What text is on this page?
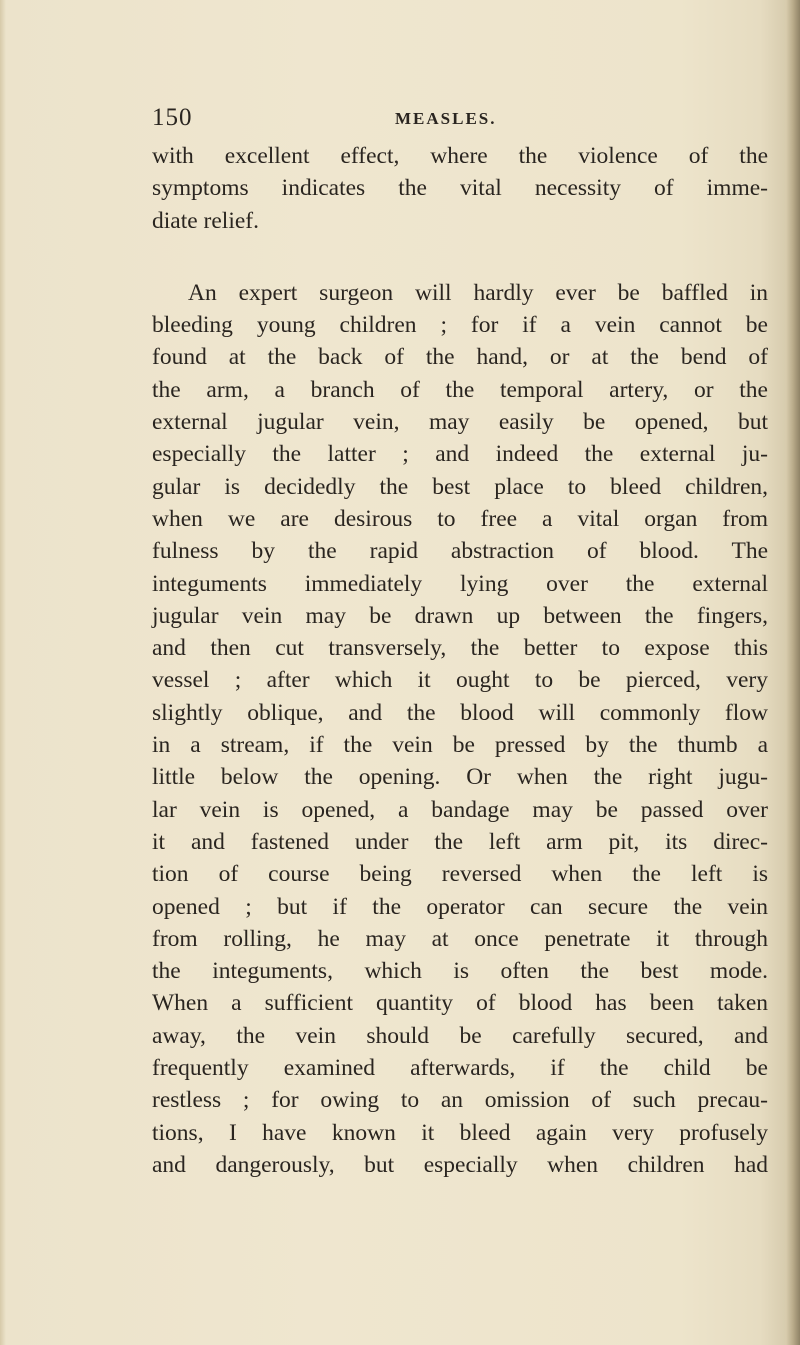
150	MEASLES.
with excellent effect, where the violence of the
symptoms indicates the vital necessity of imme-
diate relief.
An expert surgeon will hardly ever be baffled in
bleeding young children ; for if a vein cannot be
found at the back of the hand, or at the bend of
the arm, a branch of the temporal artery, or the
external jugular vein, may easily be opened, but
especially the latter ; and indeed the external ju-
gular is decidedly the best place to bleed children,
when we are desirous to free a vital organ from
fulness by the rapid abstraction of blood. The
integuments immediately lying over the external
jugular vein may be drawn up between the fingers,
and then cut transversely, the better to expose this
vessel ; after which it ought to be pierced, very
slightly oblique, and the blood will commonly flow
in a stream, if the vein be pressed by the thumb a
little below the opening. Or when the right jugu-
lar vein is opened, a bandage may be passed over
it and fastened under the left arm pit, its direc-
tion of course being reversed when the left is
opened ; but if the operator can secure the vein
from rolling, he may at once penetrate it through
the integuments, which is often the best mode.
When a sufficient quantity of blood has been taken
away, the vein should be carefully secured, and
frequently examined afterwards, if the child be
restless ; for owing to an omission of such precau-
tions, I have known it bleed again very profusely
and dangerously, but especially when children had
